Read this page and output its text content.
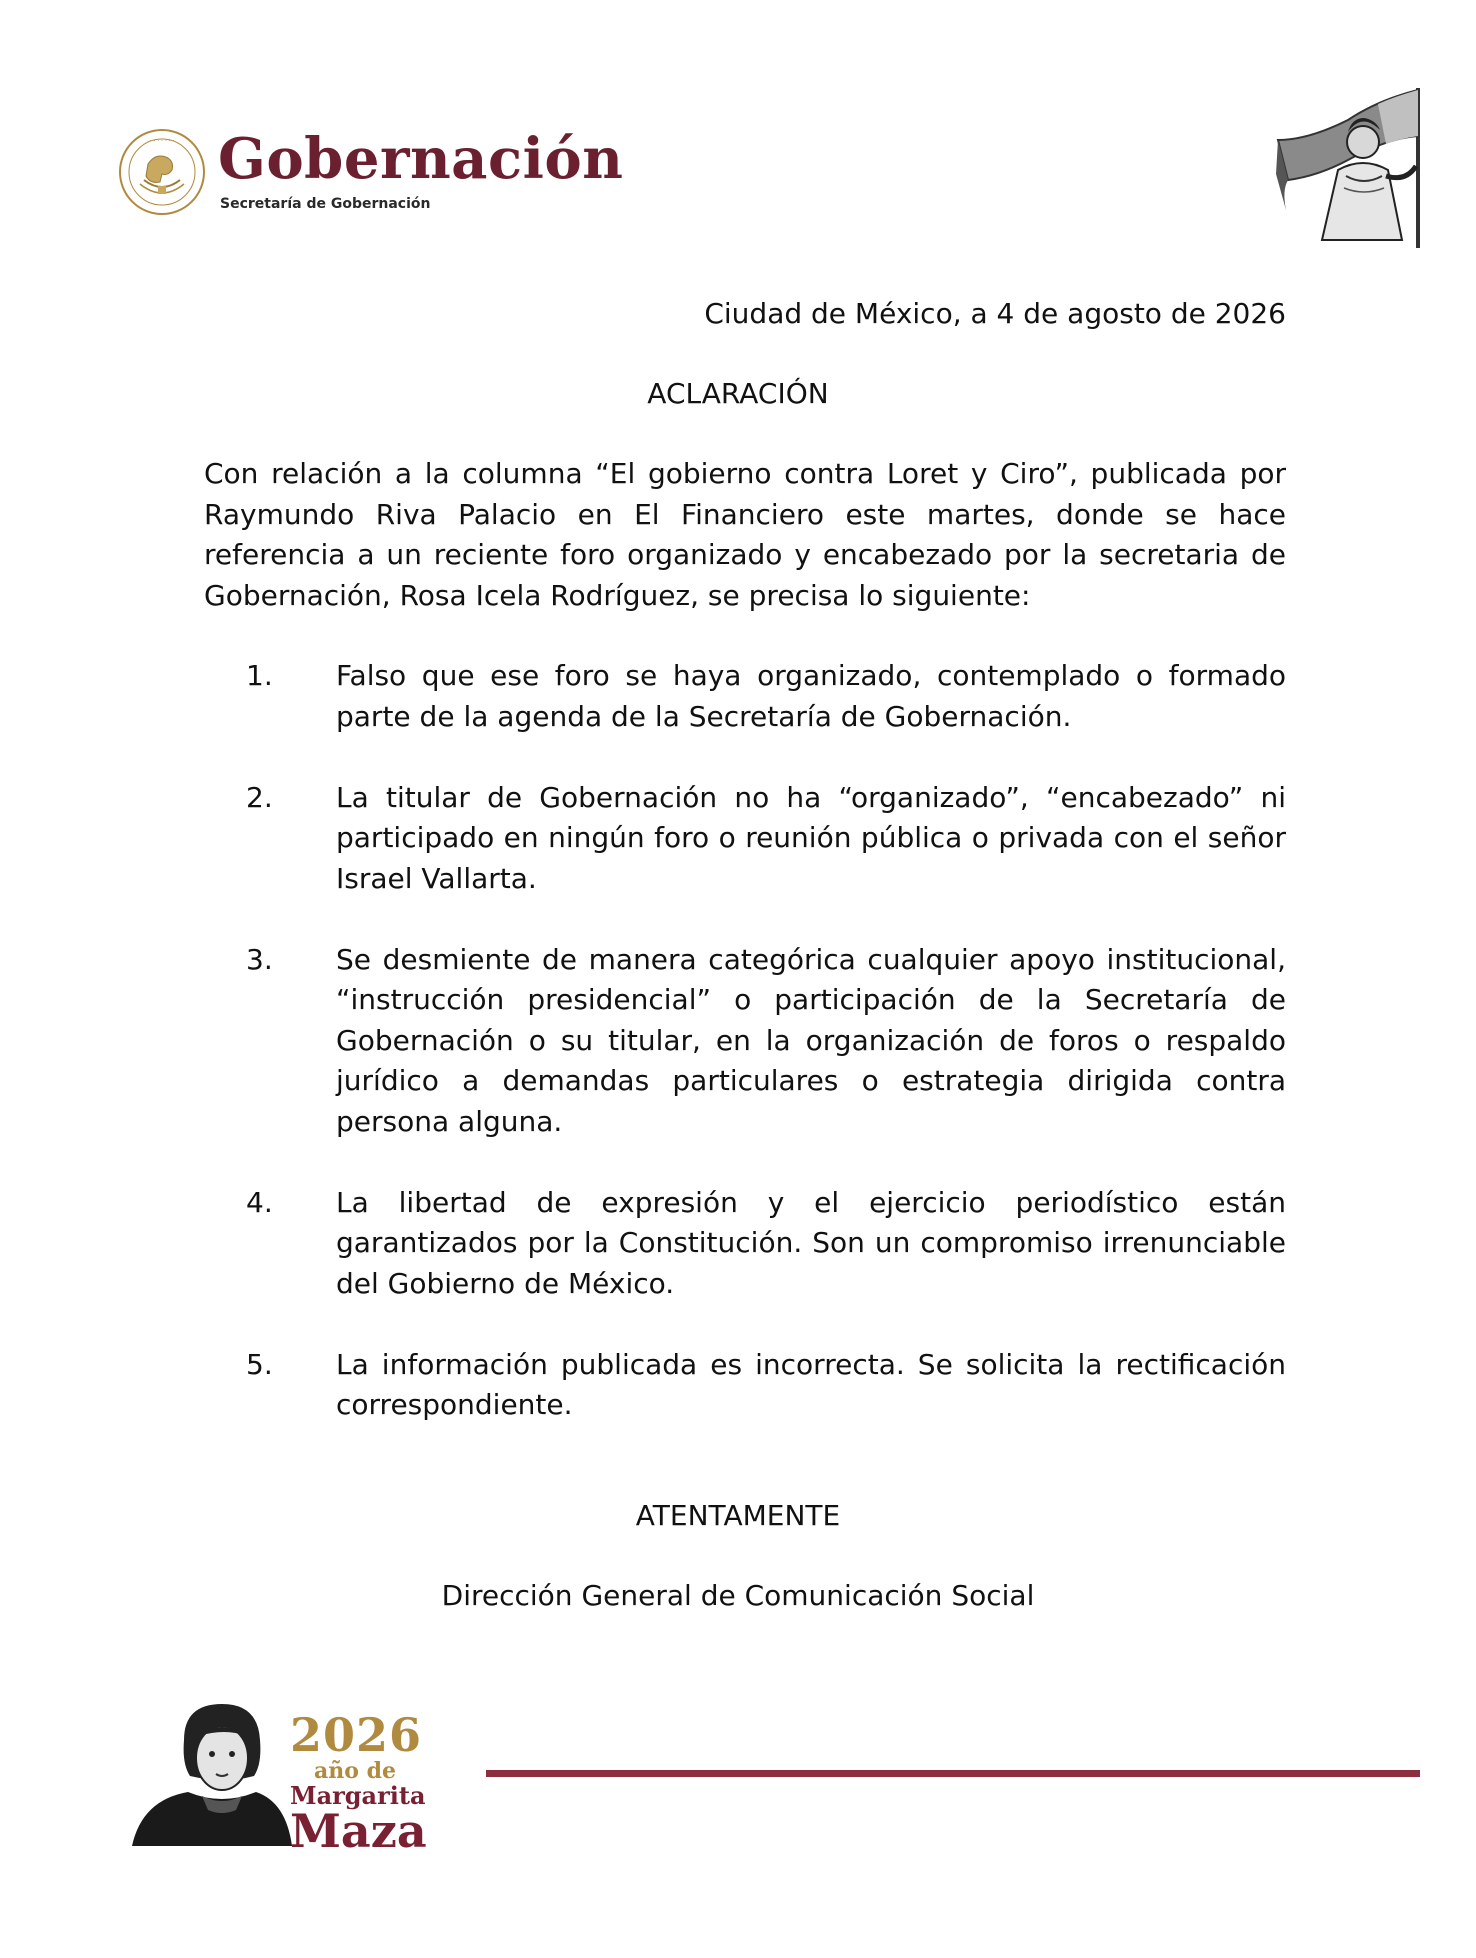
· · · · · · · Gobernación
Secretaría de Gobernación
Ciudad de México, a 4 de agosto de 2026
ACLARACIÓN

Con relación a la columna “El gobierno contra Loret y Ciro”, publicada por Raymundo Riva Palacio en El Financiero este martes, donde se hace referencia a un reciente foro organizado y encabezado por la secretaria de Gobernación, Rosa Icela Rodríguez, se precisa lo siguiente:

1. Falso que ese foro se haya organizado, contemplado o formado parte de la agenda de la Secretaría de Gobernación.
2. La titular de Gobernación no ha “organizado”, “encabezado” ni participado en ningún foro o reunión pública o privada con el señor Israel Vallarta.
3. Se desmiente de manera categórica cualquier apoyo institucional, “instrucción presidencial” o participación de la Secretaría de Gobernación o su titular, en la organización de foros o respaldo jurídico a demandas particulares o estrategia dirigida contra persona alguna.
4. La libertad de expresión y el ejercicio periodístico están garantizados por la Constitución. Son un compromiso irrenunciable del Gobierno de México.
5. La información publicada es incorrecta. Se solicita la rectificación correspondiente.
ATENTAMENTE
Dirección General de Comunicación Social
2026
año de
Margarita
Maza
